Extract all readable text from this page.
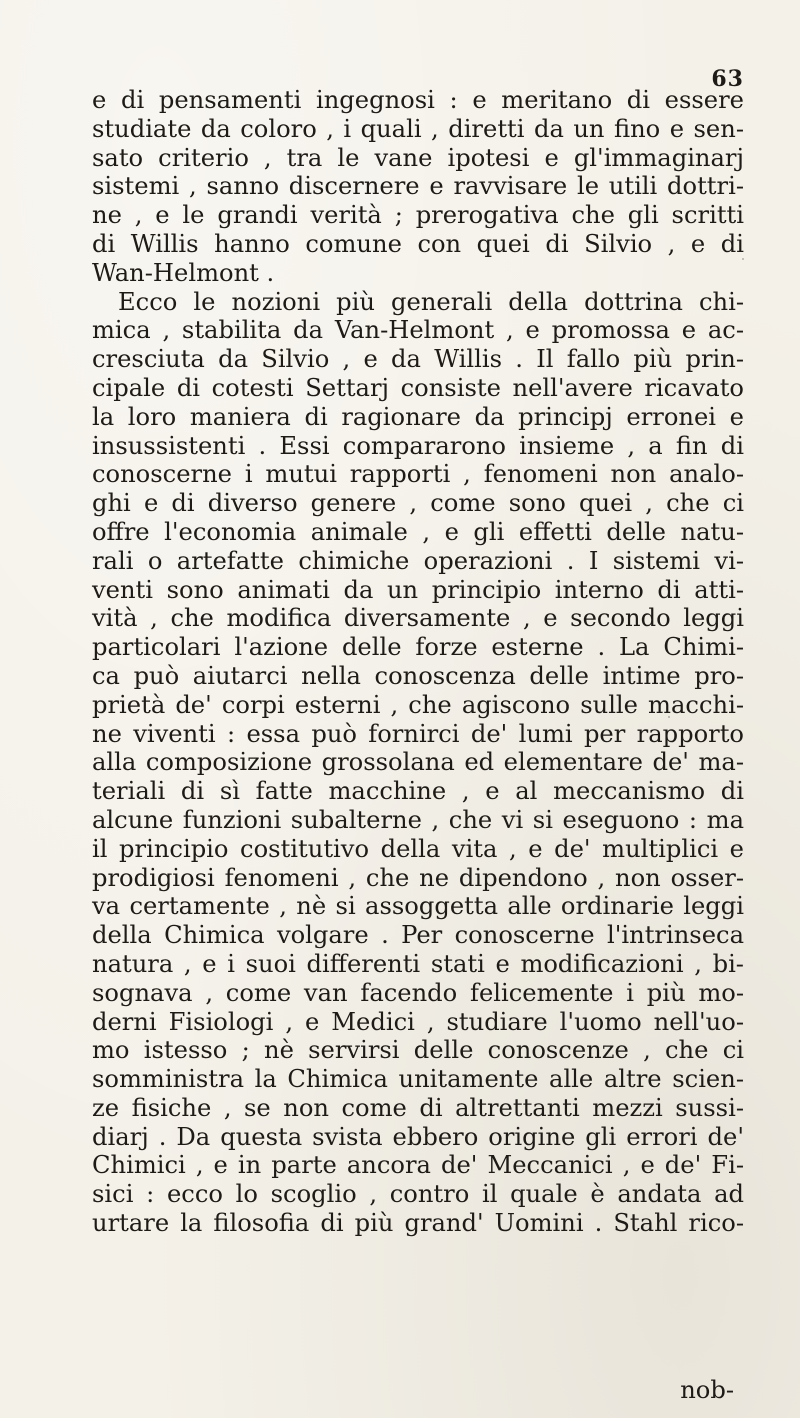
63
e di pensamenti ingegnosi : e meritano di essere
studiate da coloro , i quali , diretti da un fino e sen-
sato criterio , tra le vane ipotesi e gl'immaginarj
sistemi , sanno discernere e ravvisare le utili dottri-
ne , e le grandi verità ; prerogativa che gli scritti
di Willis hanno comune con quei di Silvio , e di
Wan-Helmont .
Ecco le nozioni più generali della dottrina chi-
mica , stabilita da Van-Helmont , e promossa e ac-
cresciuta da Silvio , e da Willis . Il fallo più prin-
cipale di cotesti Settarj consiste nell'avere ricavato
la loro maniera di ragionare da principj erronei e
insussistenti . Essi compararono insieme , a fin di
conoscerne i mutui rapporti , fenomeni non analo-
ghi e di diverso genere , come sono quei , che ci
offre l'economia animale , e gli effetti delle natu-
rali o artefatte chimiche operazioni . I sistemi vi-
venti sono animati da un principio interno di atti-
vità , che modifica diversamente , e secondo leggi
particolari l'azione delle forze esterne . La Chimi-
ca può aiutarci nella conoscenza delle intime pro-
prietà de' corpi esterni , che agiscono sulle macchi-
ne viventi : essa può fornirci de' lumi per rapporto
alla composizione grossolana ed elementare de' ma-
teriali di sì fatte macchine , e al meccanismo di
alcune funzioni subalterne , che vi si eseguono : ma
il principio costitutivo della vita , e de' multiplici e
prodigiosi fenomeni , che ne dipendono , non osser-
va certamente , nè si assoggetta alle ordinarie leggi
della Chimica volgare . Per conoscerne l'intrinseca
natura , e i suoi differenti stati e modificazioni , bi-
sognava , come van facendo felicemente i più mo-
derni Fisiologi , e Medici , studiare l'uomo nell'uo-
mo istesso ; nè servirsi delle conoscenze , che ci
somministra la Chimica unitamente alle altre scien-
ze fisiche , se non come di altrettanti mezzi sussi-
diarj . Da questa svista ebbero origine gli errori de'
Chimici , e in parte ancora de' Meccanici , e de' Fi-
sici : ecco lo scoglio , contro il quale è andata ad
urtare la filosofia di più grand' Uomini . Stahl rico-
nob-
